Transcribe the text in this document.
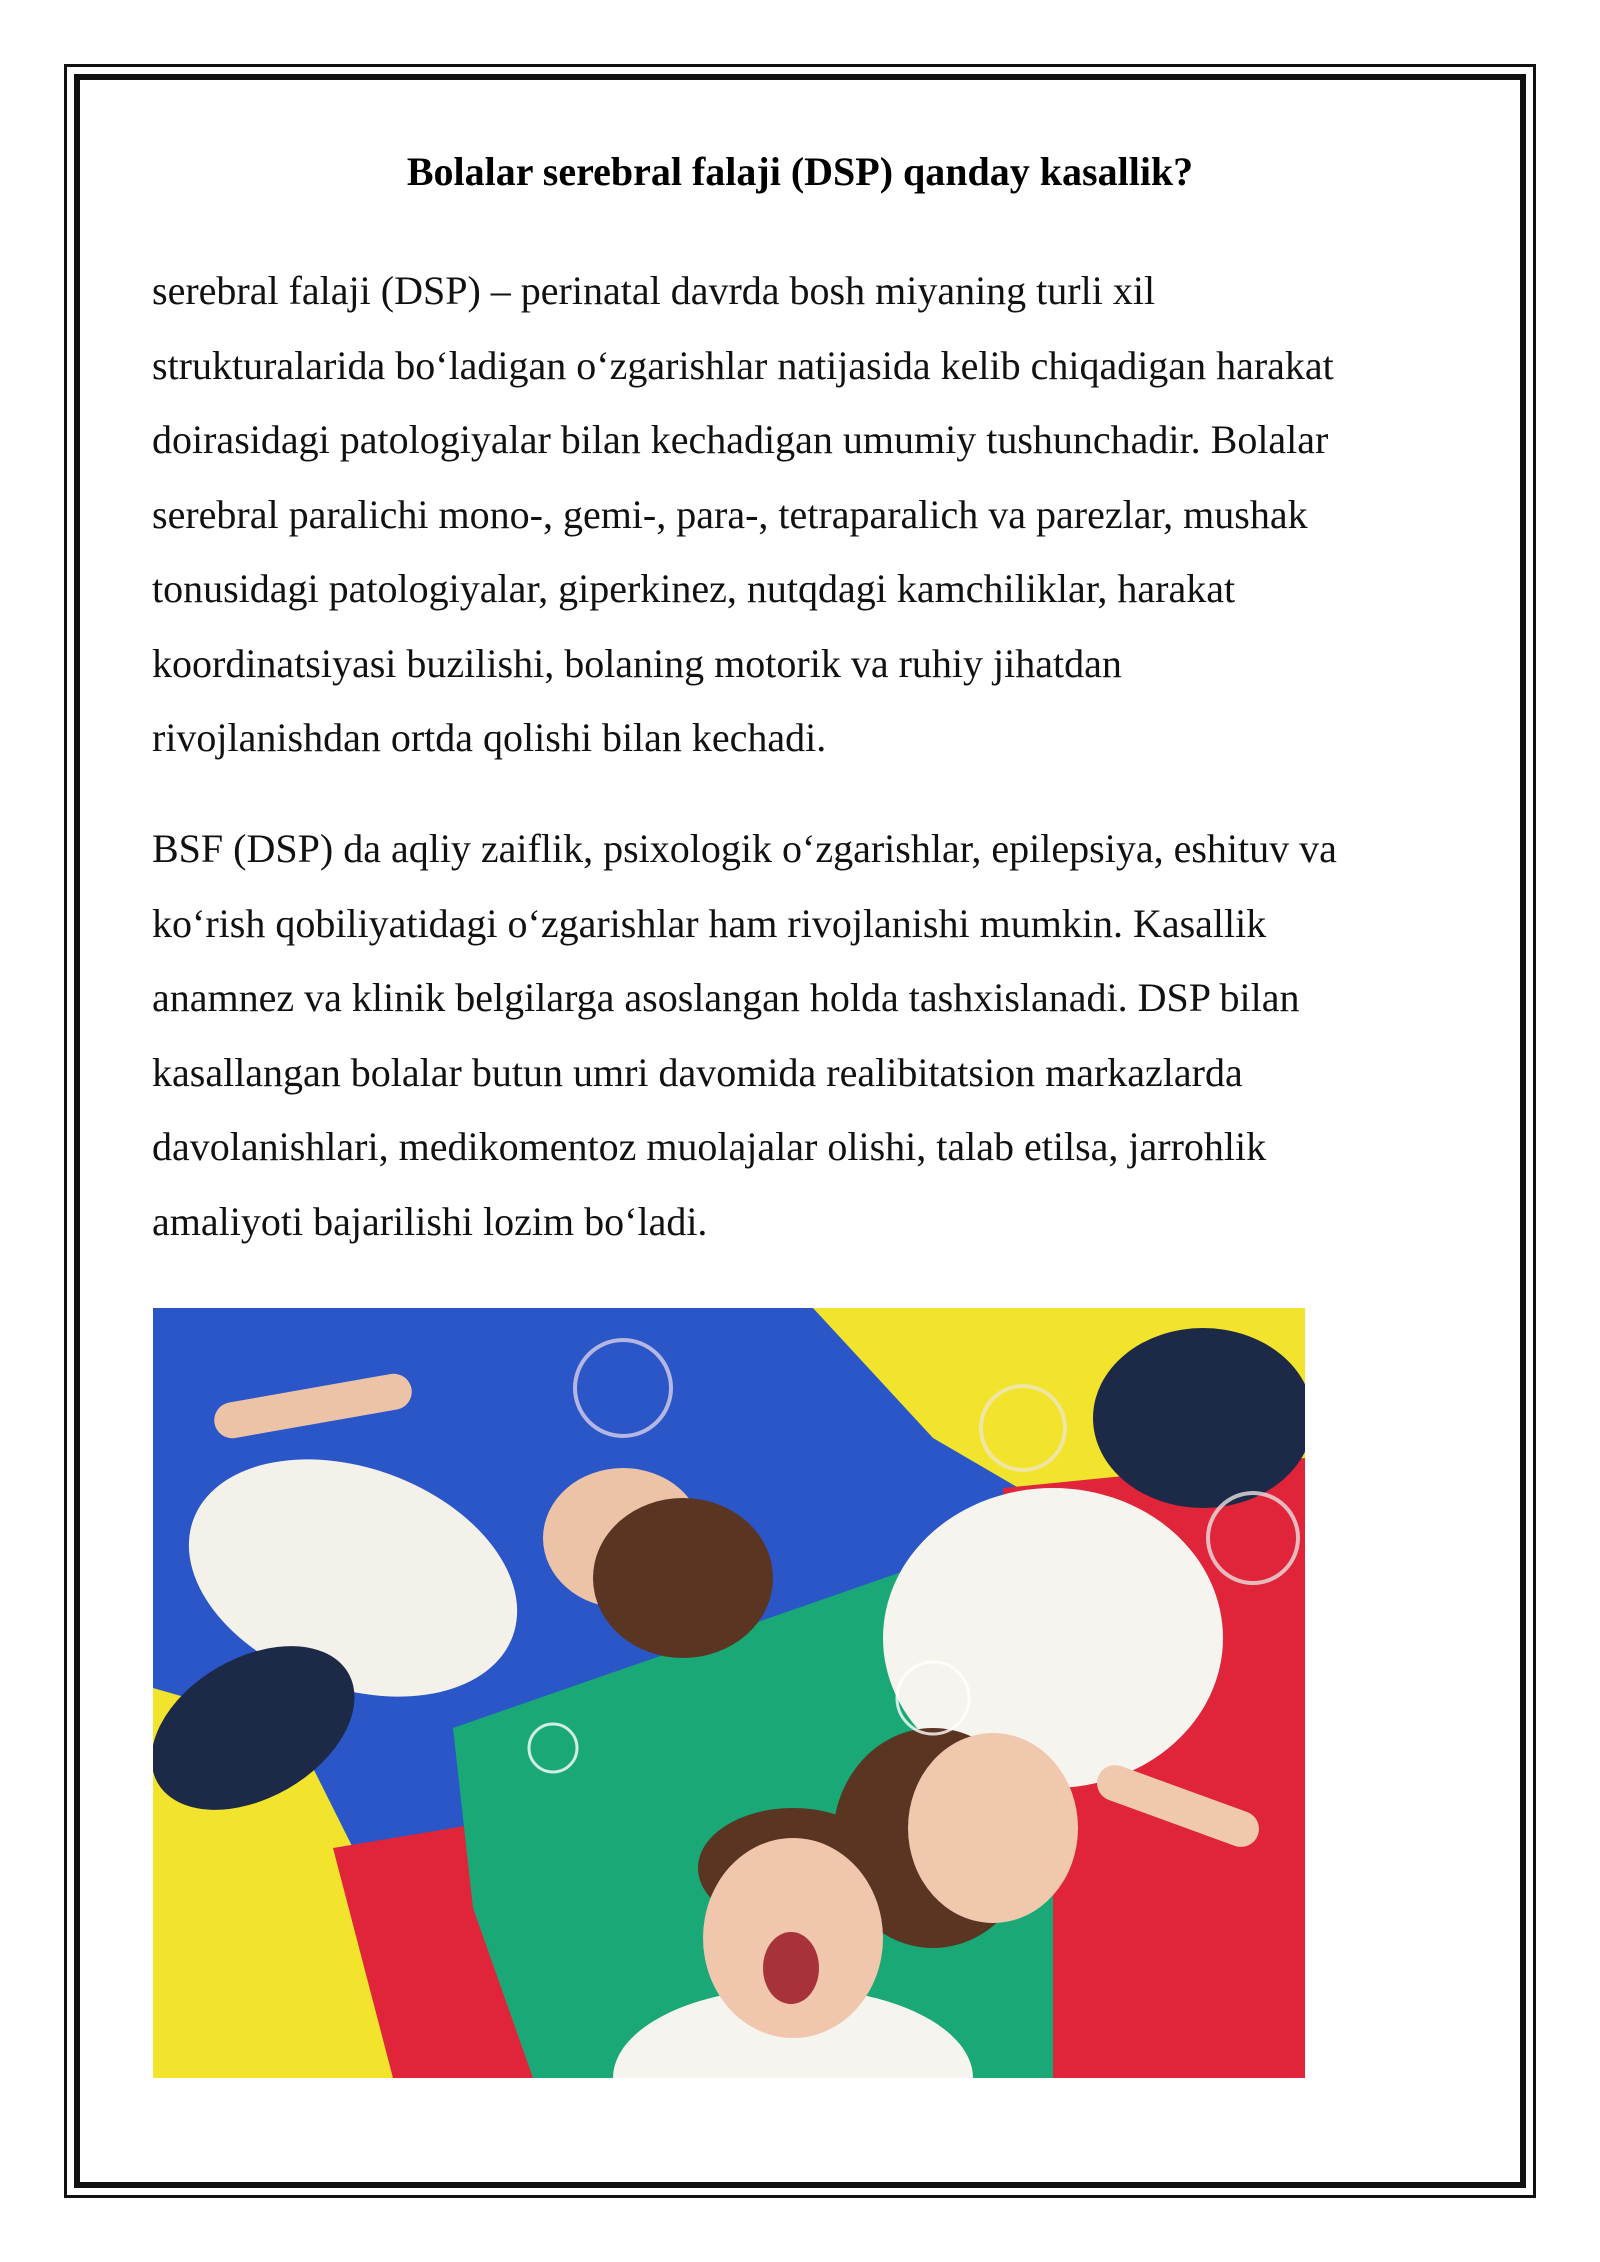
Bolalar serebral falaji (DSP) qanday kasallik?

serebral falaji (DSP) – perinatal davrda bosh miyaning turli xil
strukturalarida bo‘ladigan o‘zgarishlar natijasida kelib chiqadigan harakat
doirasidagi patologiyalar bilan kechadigan umumiy tushunchadir. Bolalar
serebral paralichi mono-, gemi-, para-, tetraparalich va parezlar, mushak
tonusidagi patologiyalar, giperkinez, nutqdagi kamchiliklar, harakat
koordinatsiyasi buzilishi, bolaning motorik va ruhiy jihatdan
rivojlanishdan ortda qolishi bilan kechadi.

BSF (DSP) da aqliy zaiflik, psixologik o‘zgarishlar, epilepsiya, eshituv va
ko‘rish qobiliyatidagi o‘zgarishlar ham rivojlanishi mumkin. Kasallik
anamnez va klinik belgilarga asoslangan holda tashxislanadi. DSP bilan
kasallangan bolalar butun umri davomida realibitatsion markazlarda
davolanishlari, medikomentoz muolajalar olishi, talab etilsa, jarrohlik
amaliyoti bajarilishi lozim bo‘ladi.
